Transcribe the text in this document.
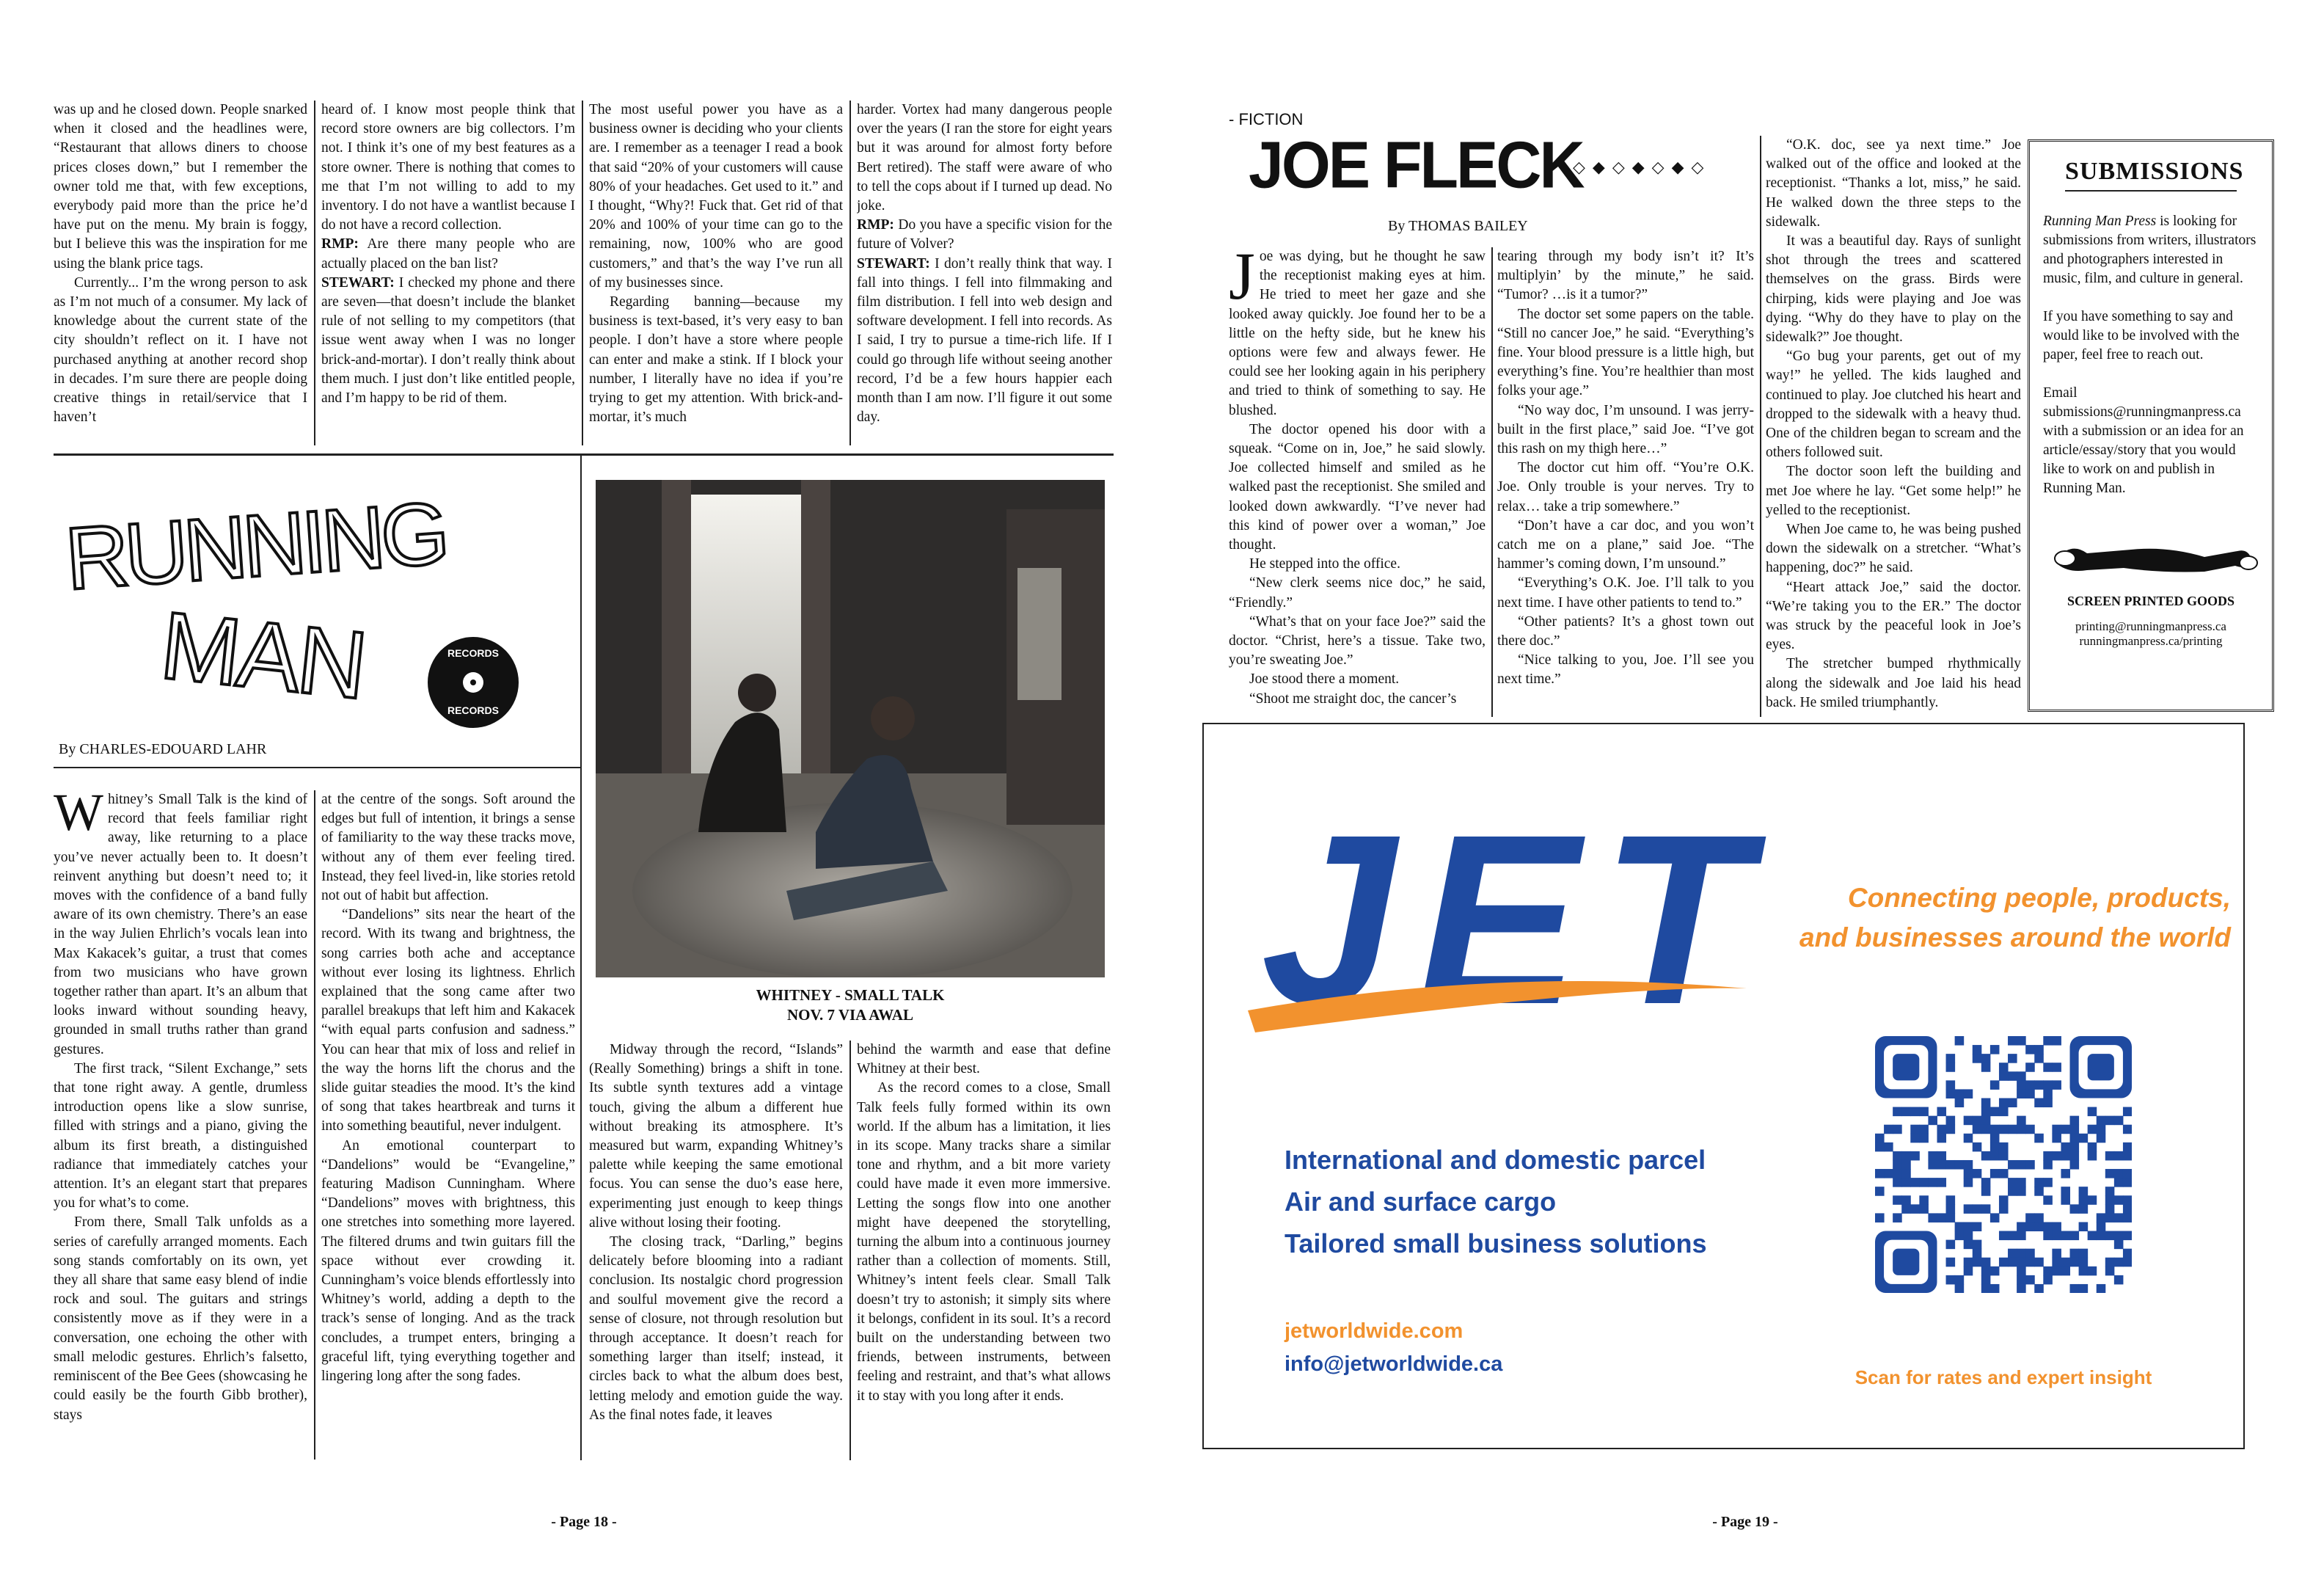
was up and he closed down. People snarked when it closed and the headlines were, “Restaurant that allows diners to choose prices closes down,” but I remember the owner told me that, with few exceptions, everybody paid more than the price he’d have put on the menu. My brain is foggy, but I believe this was the inspiration for me using the blank price tags.

Currently... I’m the wrong person to ask as I’m not much of a consumer. My lack of knowledge about the current state of the city shouldn’t reflect on it. I have not purchased anything at another record shop in decades. I’m sure there are people doing creative things in retail/service that I haven’t

heard of. I know most people think that record store owners are big collectors. I’m not. I think it’s one of my best features as a store owner. There is nothing that comes to me that I’m not willing to add to my inventory. I do not have a wantlist because I do not have a record collection.

RMP: Are there many people who are actually placed on the ban list?

STEWART: I checked my phone and there are seven—that doesn’t include the blanket rule of not selling to my competitors (that issue went away when I was no longer brick-and-mortar). I don’t really think about them much. I just don’t like entitled people, and I’m happy to be rid of them.

The most useful power you have as a business owner is deciding who your clients are. I remember as a teenager I read a book that said “20% of your customers will cause 80% of your headaches. Get used to it.” and I thought, “Why?! Fuck that. Get rid of that 20% and 100% of your time can go to the remaining, now, 100% who are good customers,” and that’s the way I’ve run all of my businesses since.

Regarding banning—because my business is text-based, it’s very easy to ban people. I don’t have a store where people can enter and make a stink. If I block your number, I literally have no idea if you’re trying to get my attention. With brick-and-mortar, it’s much

harder. Vortex had many dangerous people over the years (I ran the store for eight years but it was around for almost forty before Bert retired). The staff were aware of who to tell the cops about if I turned up dead. No joke.

RMP: Do you have a specific vision for the future of Volver?

STEWART: I don’t really think that way. I fall into things. I fell into filmmaking and film distribution. I fell into web design and software development. I fell into records. As I said, I try to pursue a time-rich life. If I could go through life without seeing another record, I’d be a few hours happier each month than I am now. I’ll figure it out some day.

RUNNING
MAN	RECORDS
RECORDS
By CHARLES-EDOUARD LAHR
WHITNEY - SMALL TALK
NOV. 7 VIA AWAL

Whitney’s Small Talk is the kind of record that feels familiar right away, like returning to a place you’ve never actually been to. It doesn’t reinvent anything but doesn’t need to; it moves with the confidence of a band fully aware of its own chemistry. There’s an ease in the way Julien Ehrlich’s vocals lean into Max Kakacek’s guitar, a trust that comes from two musicians who have grown together rather than apart. It’s an album that looks inward without sounding heavy, grounded in small truths rather than grand gestures.

The first track, “Silent Exchange,” sets that tone right away. A gentle, drumless introduction opens like a slow sunrise, filled with strings and a piano, giving the album its first breath, a distinguished radiance that immediately catches your attention. It’s an elegant start that prepares you for what’s to come.

From there, Small Talk unfolds as a series of carefully arranged moments. Each song stands comfortably on its own, yet they all share that same easy blend of indie rock and soul. The guitars and strings consistently move as if they were in a conversation, one echoing the other with small melodic gestures. Ehrlich’s falsetto, reminiscent of the Bee Gees (showcasing he could easily be the fourth Gibb brother), stays

at the centre of the songs. Soft around the edges but full of intention, it brings a sense of familiarity to the way these tracks move, without any of them ever feeling tired. Instead, they feel lived-in, like stories retold not out of habit but affection.

“Dandelions” sits near the heart of the record. With its twang and brightness, the song carries both ache and acceptance without ever losing its lightness. Ehrlich explained that the song came after two parallel breakups that left him and Kakacek “with equal parts confusion and sadness.” You can hear that mix of loss and relief in the way the horns lift the chorus and the slide guitar steadies the mood. It’s the kind of song that takes heartbreak and turns it into something beautiful, never indulgent.

An emotional counterpart to “Dandelions” would be “Evangeline,” featuring Madison Cunningham. Where “Dandelions” moves with brightness, this one stretches into something more layered. The filtered drums and twin guitars fill the space without ever crowding it. Cunningham’s voice blends effortlessly into Whitney’s world, adding a depth to the track’s sense of longing. And as the track concludes, a trumpet enters, bringing a graceful lift, tying everything together and lingering long after the song fades.

Midway through the record, “Islands” (Really Something) brings a shift in tone. Its subtle synth textures add a vintage touch, giving the album a different hue without breaking its atmosphere. It’s measured but warm, expanding Whitney’s palette while keeping the same emotional focus. You can sense the duo’s ease here, experimenting just enough to keep things alive without losing their footing.

The closing track, “Darling,” begins delicately before blooming into a radiant conclusion. Its nostalgic chord progression and soulful movement give the record a sense of closure, not through resolution but through acceptance. It doesn’t reach for something larger than itself; instead, it circles back to what the album does best, letting melody and emotion guide the way. As the final notes fade, it leaves

behind the warmth and ease that define Whitney at their best.

As the record comes to a close, Small Talk feels fully formed within its own world. If the album has a limitation, it lies in its scope. Many tracks share a similar tone and rhythm, and a bit more variety could have made it even more immersive. Letting the songs flow into one another might have deepened the storytelling, turning the album into a continuous journey rather than a collection of moments. Still, Whitney’s intent feels clear. Small Talk doesn’t try to astonish; it simply sits where it belongs, confident in its soul. It’s a record built on the understanding between two friends, between instruments, between feeling and restraint, and that’s what allows it to stay with you long after it ends.

- Page 18 -
- FICTION
JOE FLECK
◇◆◇◆◇◆◇
By THOMAS BAILEY

Joe was dying, but he thought he saw the receptionist making eyes at him. He tried to meet her gaze and she looked away quickly. Joe found her to be a little on the hefty side, but he knew his options were few and always fewer. He could see her looking again in his periphery and tried to think of something to say. He blushed.

The doctor opened his door with a squeak. “Come on in, Joe,” he said slowly. Joe collected himself and smiled as he walked past the receptionist. She smiled and looked down awkwardly. “I’ve never had this kind of power over a woman,” Joe thought.

He stepped into the office.

“New clerk seems nice doc,” he said, “Friendly.”

“What’s that on your face Joe?” said the doctor. “Christ, here’s a tissue. Take two, you’re sweating Joe.”

Joe stood there a moment.

“Shoot me straight doc, the cancer’s

tearing through my body isn’t it? It’s multiplyin’ by the minute,” he said. “Tumor? …is it a tumor?”

The doctor set some papers on the table. “Still no cancer Joe,” he said. “Everything’s fine. Your blood pressure is a little high, but everything’s fine. You’re healthier than most folks your age.”

“No way doc, I’m unsound. I was jerry-built in the first place,” said Joe. “I’ve got this rash on my thigh here…”

The doctor cut him off. “You’re O.K. Joe. Only trouble is your nerves. Try to relax… take a trip somewhere.”

“Don’t have a car doc, and you won’t catch me on a plane,” said Joe. “The hammer’s coming down, I’m unsound.”

“Everything’s O.K. Joe. I’ll talk to you next time. I have other patients to tend to.”

“Other patients? It’s a ghost town out there doc.”

“Nice talking to you, Joe. I’ll see you next time.”

“O.K. doc, see ya next time.” Joe walked out of the office and looked at the receptionist. “Thanks a lot, miss,” he said. He walked down the three steps to the sidewalk.

It was a beautiful day. Rays of sunlight shot through the trees and scattered themselves on the grass. Birds were chirping, kids were playing and Joe was dying. “Why do they have to play on the sidewalk?” Joe thought.

“Go bug your parents, get out of my way!” he yelled. The kids laughed and continued to play. Joe clutched his heart and dropped to the sidewalk with a heavy thud. One of the children began to scream and the others followed suit.

The doctor soon left the building and met Joe where he lay. “Get some help!” he yelled to the receptionist.

When Joe came to, he was being pushed down the sidewalk on a stretcher. “What’s happening, doc?” he said.

“Heart attack Joe,” said the doctor. “We’re taking you to the ER.” The doctor was struck by the peaceful look in Joe’s eyes.

The stretcher bumped rhythmically along the sidewalk and Joe laid his head back. He smiled triumphantly.

SUBMISSIONS

Running Man Press is looking for submissions from writers, illustrators and photographers interested in music, film, and culture in general.

If you have something to say and would like to be involved with the paper, feel free to reach out.

Email submissions@runningmanpress.ca with a submission or an idea for an article/essay/story that you would like to work on and publish in Running Man.

SCREEN PRINTED GOODS
printing@runningmanpress.ca
runningmanpress.ca/printing
JET	Connecting people, products,
and businesses around the world
International and domestic parcel
Air and surface cargo
Tailored small business solutions
jetworldwide.com
info@jetworldwide.ca
Scan for rates and expert insight
- Page 19 -
